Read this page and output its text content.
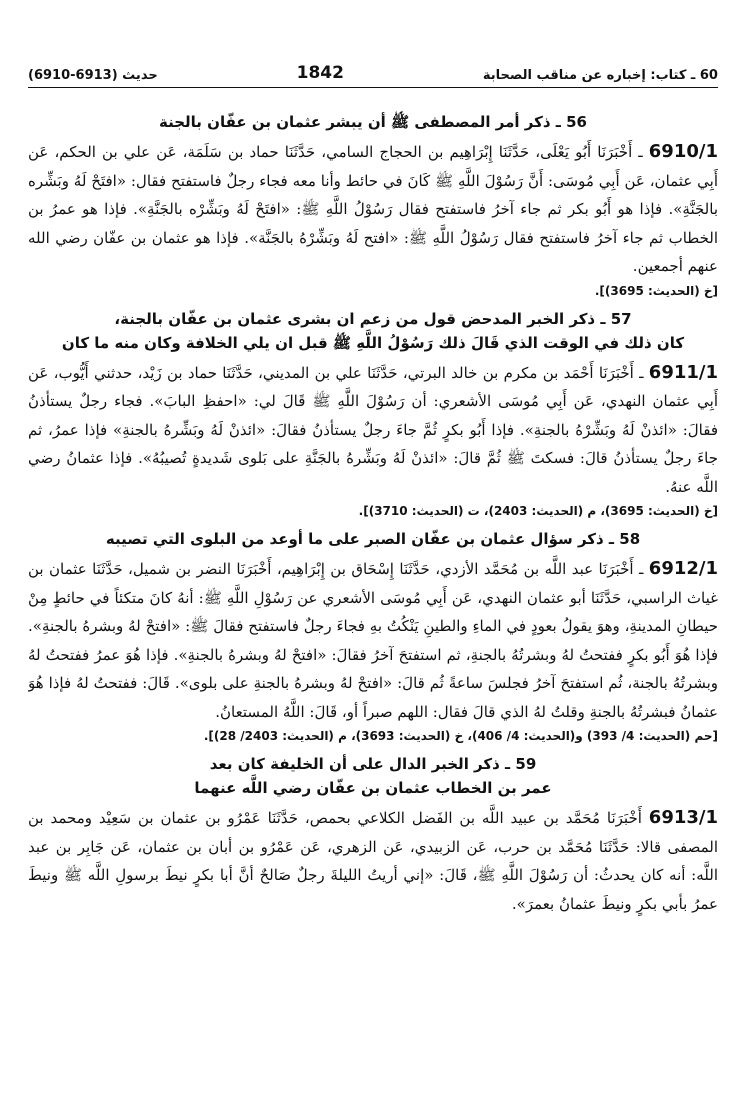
(6910-6913) حديث	1842	60 ـ كتاب: إخباره عن مناقب الصحابة
56 ـ ذكر أمر المصطفى ﷺ أن يبشر عثمان بن عفّان بالجنة

6910/1 ـ أَخْبَرَنَا أَبُو يَعْلَى، حَدَّثَنَا إِبْرَاهِيم بن الحجاج السامي، حَدَّثَنَا حماد بن سَلَمَة، عَن علي بن الحكم، عَن أَبِي عثمان، عَن أَبِي مُوسَى: أَنَّ رَسُوْلَ اللَّهِ ﷺ كَانَ في حائط وأنا معه فجاء رجلٌ فاستفتح فقال: «افتَحْ لَهُ وبَشِّره بالجَنَّةِ». فإذا هو أَبُو بكر ثم جاء آخرُ فاستفتح فقال رَسُوْلُ اللَّهِ ﷺ: «افتَحْ لَهُ وبَشِّرْه بالجَنَّةِ». فإذا هو عمرُ بن الخطاب ثم جاء آخرُ فاستفتح فقال رَسُوْلُ اللَّهِ ﷺ: «افتح لَهُ وبَشِّرْهُ بالجَنَّة». فإذا هو عثمان بن عفّان رضي الله عنهم أجمعين.

[خ (الحديث: 3695)].

57 ـ ذكر الخبر المدحض قول من زعم ان بشرى عثمان بن عفّان بالجنة،
كان ذلك في الوقت الذي قَالَ ذلك رَسُوْلُ اللَّهِ ﷺ قبل ان يلي الخلافة وكان منه ما كان

6911/1 ـ أَخْبَرَنَا أَحْمَد بن مكرم بن خالد البرتي، حَدَّثَنَا علي بن المديني، حَدَّثَنَا حماد بن زَيْد، حدثني أَيُّوب، عَن أَبِي عثمان النهدي، عَن أَبِي مُوسَى الأشعري: أن رَسُوْلَ اللَّهِ ﷺ قَالَ لي: «احفظِ البابَ». فجاء رجلٌ يستأذنُ فقالَ: «ائذنْ لَهُ وبَشِّرْهُ بالجنةِ». فإذا أَبُو بكرٍ ثُمَّ جاءَ رجلٌ يستأذنُ فقالَ: «ائذنْ لَهُ وبَشِّرهُ بالجنةِ» فإذا عمرُ، ثم جاءَ رجلٌ يستأذنُ قالَ: فسكتَ ﷺ ثُمَّ قالَ: «ائذنْ لَهُ وبَشِّرهُ بالجَنَّةِ على بَلوى شَديدةٍ تُصيبُهُ». فإذا عثمانُ رضي اللَّه عنهُ.

[خ (الحديث: 3695)، م (الحديث: 2403)، ت (الحديث: 3710)].

58 ـ ذكر سؤال عثمان بن عفّان الصبر على ما أوعد من البلوى التي تصيبه

6912/1 ـ أَخْبَرَنَا عبد اللَّه بن مُحَمَّد الأزدي، حَدَّثَنَا إِسْحَاق بن إِبْرَاهِيم، أَخْبَرَنَا النضر بن شميل، حَدَّثَنَا عثمان بن غياث الراسبي، حَدَّثَنَا أبو عثمان النهدي، عَن أَبِي مُوسَى الأشعري عن رَسُوْلِ اللَّهِ ﷺ: أنهُ كانَ متكئاً في حائطٍ مِنْ حيطانِ المدينةِ، وهوَ يقولُ بعودٍ في الماءِ والطينِ يَنْكُتُ بهِ فجاءَ رجلٌ فاستفتح فقالَ ﷺ: «افتحْ لهُ وبشرهُ بالجنةِ». فإذا هُوَ أَبُو بكرٍ ففتحتُ لهُ وبشرتُهُ بالجنةِ، ثم استفتحَ آخرُ فقالَ: «افتحْ لهُ وبشرهُ بالجنةِ». فإذا هُوَ عمرُ ففتحتُ لهُ وبشرتُهُ بالجنة، ثُم استفتحَ آخرُ فجلسَ ساعةً ثُم قالَ: «افتحْ لهُ وبشرهُ بالجنةِ على بلوى». قَالَ: ففتحتُ لهُ فإذا هُوَ عثمانُ فبشرتُهُ بالجنةِ وقلتُ لهُ الذي قالَ فقال: اللهم صبراً أو، قَالَ: اللَّهُ المستعانُ.

[حم (الحديث: 4/ 393) و(الحديث: 4/ 406)، خ (الحديث: 3693)، م (الحديث: 2403/ 28)].

59 ـ ذكر الخبر الدال على أن الخليفة كان بعد
عمر بن الخطاب عثمان بن عفّان رضي اللَّه عنهما

6913/1 أَخْبَرَنَا مُحَمَّد بن عبيد اللَّه بن الفَضل الكلاعي بحمص، حَدَّثَنَا عَمْرُو بن عثمان بن سَعِيْد ومحمد بن المصفى قالا: حَدَّثَنَا مُحَمَّد بن حرب، عَن الزبيدي، عَن الزهري، عَن عَمْرُو بن أبان بن عثمان، عَن جَابِر بن عبد اللَّه: أنه كان يحدثُ: أن رَسُوْلَ اللَّهِ ﷺ، قَالَ: «إني أريتُ الليلةَ رجلٌ صَالحٌ أنَّ أبا بكرٍ نيطَ برسولِ اللَّه ﷺ ونيطَ عمرُ بأبي بكرٍ ونيطَ عثمانُ بعمرَ».
